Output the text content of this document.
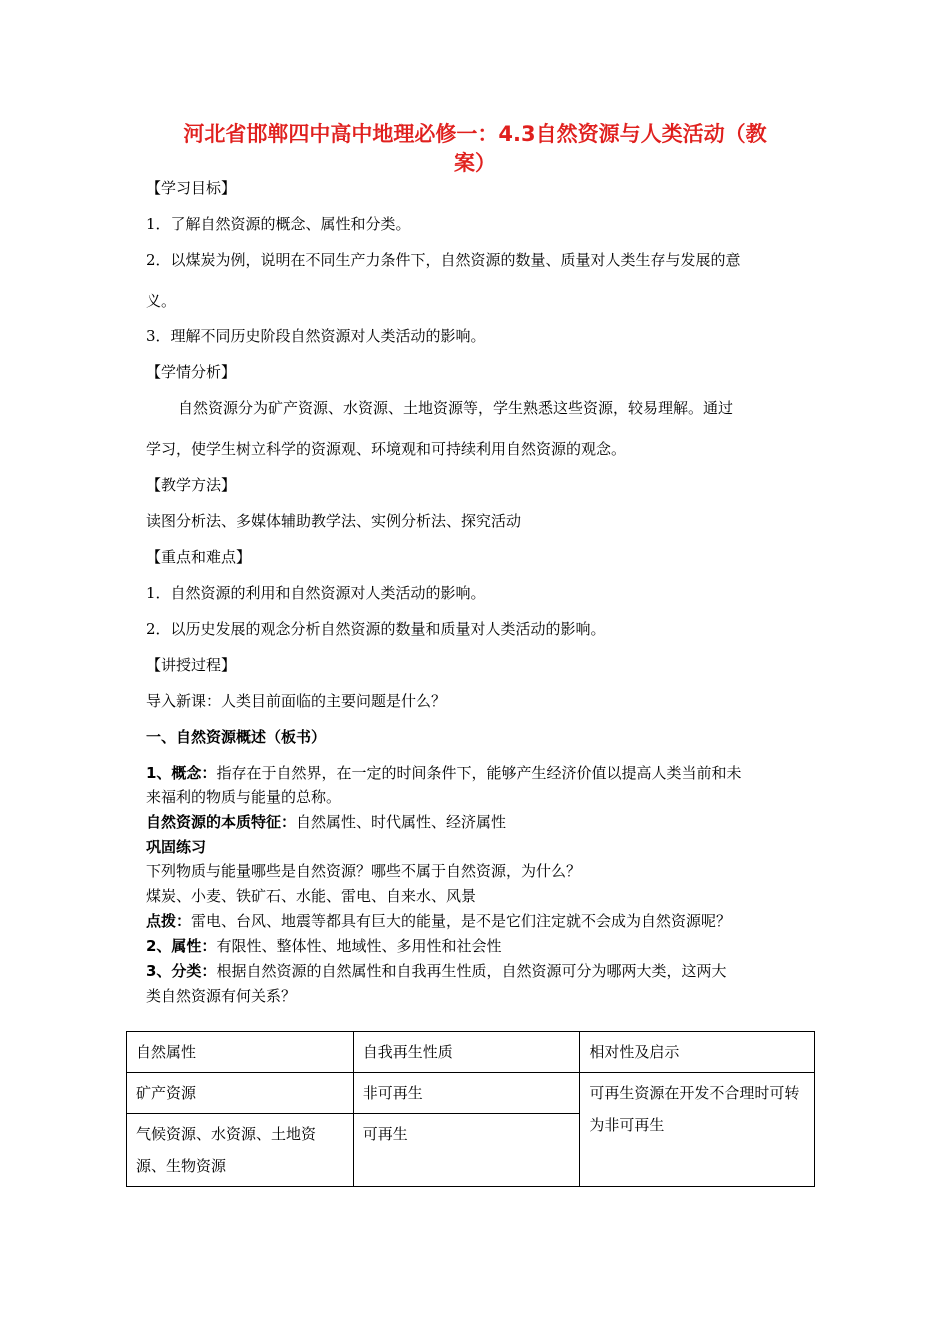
河北省邯郸四中高中地理必修一：4.3自然资源与人类活动（教
案）
【学习目标】
1．了解自然资源的概念、属性和分类。
2．以煤炭为例，说明在不同生产力条件下，自然资源的数量、质量对人类生存与发展的意
义。
3．理解不同历史阶段自然资源对人类活动的影响。
【学情分析】
自然资源分为矿产资源、水资源、土地资源等，学生熟悉这些资源，较易理解。通过
学习，使学生树立科学的资源观、环境观和可持续利用自然资源的观念。
【教学方法】
读图分析法、多媒体辅助教学法、实例分析法、探究活动
【重点和难点】
1．自然资源的利用和自然资源对人类活动的影响。
2．以历史发展的观念分析自然资源的数量和质量对人类活动的影响。
【讲授过程】
导入新课：人类目前面临的主要问题是什么？
一、自然资源概述（板书）
1、概念：指存在于自然界，在一定的时间条件下，能够产生经济价值以提高人类当前和未
来福利的物质与能量的总称。
自然资源的本质特征：自然属性、时代属性、经济属性
巩固练习
下列物质与能量哪些是自然资源？哪些不属于自然资源，为什么？
煤炭、小麦、铁矿石、水能、雷电、自来水、风景
点拨：雷电、台风、地震等都具有巨大的能量，是不是它们注定就不会成为自然资源呢？
2、属性：有限性、整体性、地域性、多用性和社会性
3、分类：根据自然资源的自然属性和自我再生性质，自然资源可分为哪两大类，这两大
类自然资源有何关系？
自然属性	自我再生性质	相对性及启示
矿产资源	非可再生	可再生资源在开发不合理时可转为非可再生
气候资源、水资源、土地资源、生物资源	可再生	
